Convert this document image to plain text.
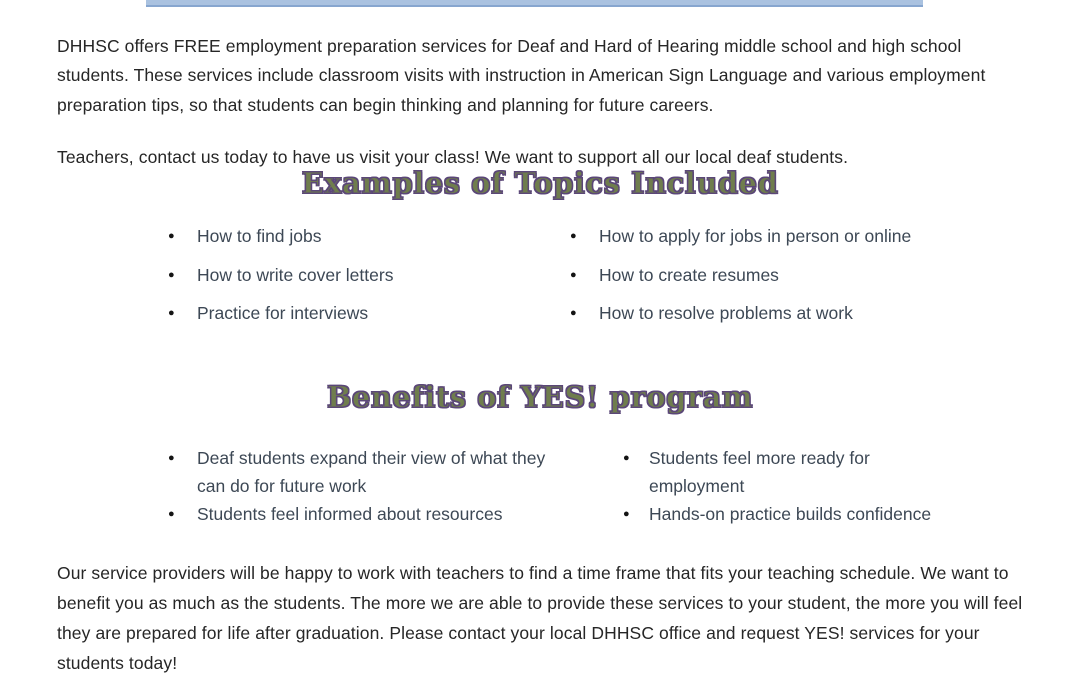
DHHSC offers FREE employment preparation services for Deaf and Hard of Hearing middle school and high school students. These services include classroom visits with instruction in American Sign Language and various employment preparation tips, so that students can begin thinking and planning for future careers.

Teachers, contact us today to have us visit your class! We want to support all our local deaf students.

Examples of Topics Included
●	How to find jobs
●	How to write cover letters
●	Practice for interviews
●	How to apply for jobs in person or online
●	How to create resumes
●	How to resolve problems at work
Benefits of YES! program
●	Deaf students expand their view of what they can do for future work
●	Students feel informed about resources
●	Students feel more ready for employment
●	Hands-on practice builds confidence

Our service providers will be happy to work with teachers to find a time frame that fits your teaching schedule. We want to benefit you as much as the students. The more we are able to provide these services to your student, the more you will feel they are prepared for life after graduation. Please contact your local DHHSC office and request YES! services for your students today!
